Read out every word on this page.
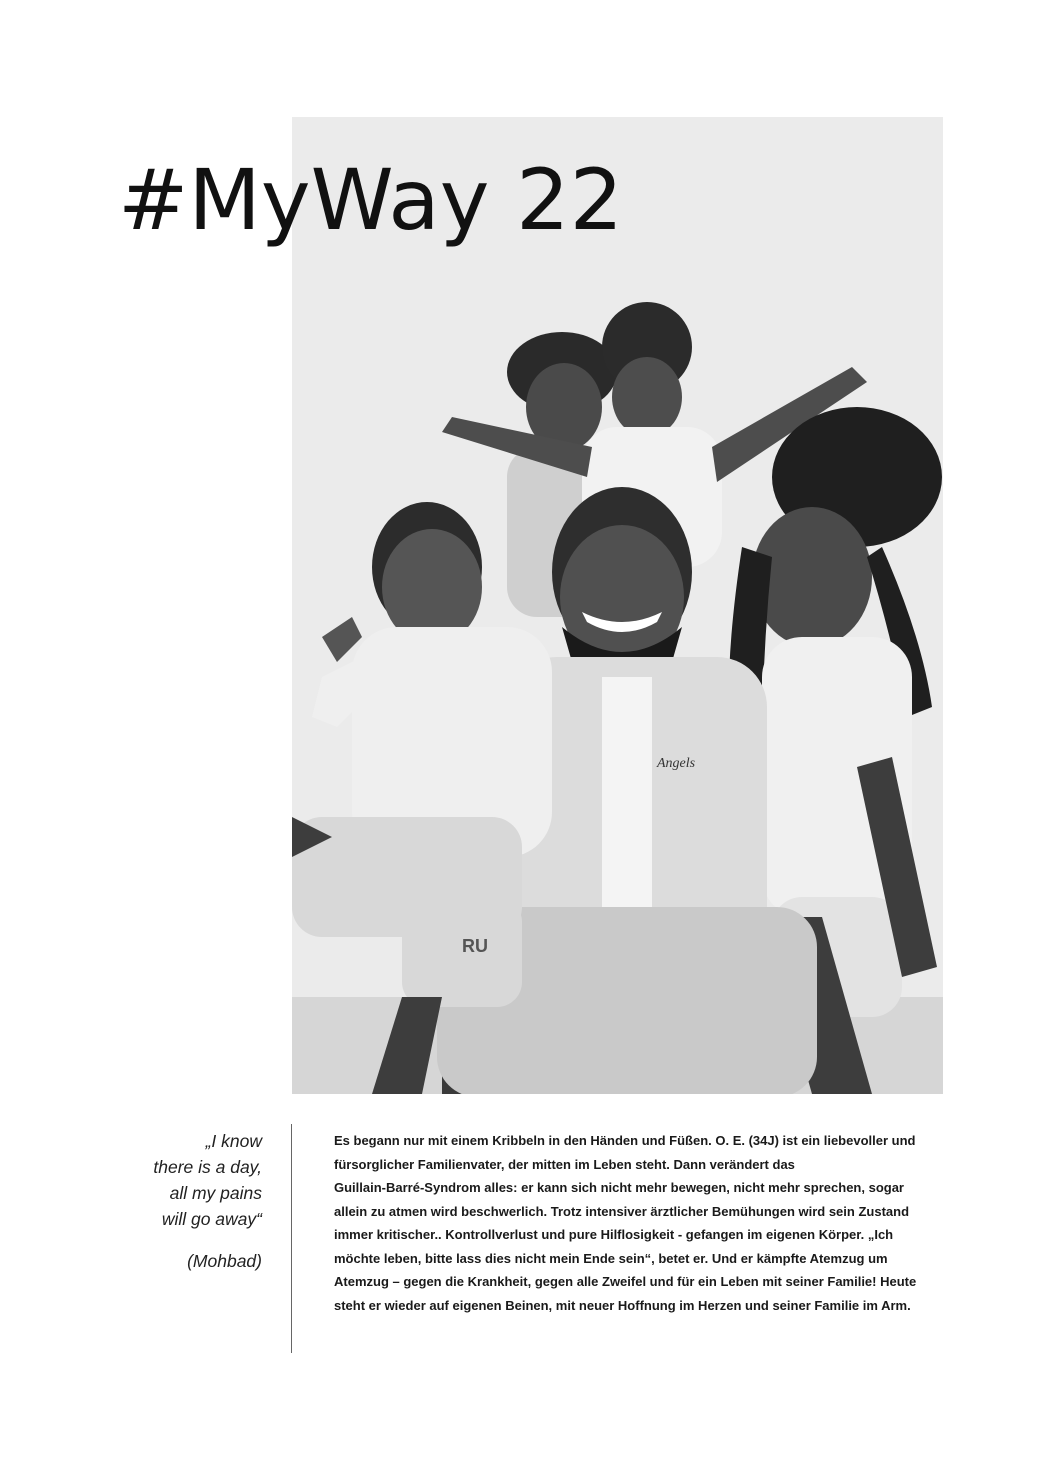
Angels
RU
#MyWay 22
„I know
there is a day,
all my pains
will go away“
(Mohbad)
Es begann nur mit einem Kribbeln in den Händen und Füßen. O. E. (34J) ist ein liebevoller und
fürsorglicher Familienvater, der mitten im Leben steht. Dann verändert das
Guillain-Barré-Syndrom alles: er kann sich nicht mehr bewegen, nicht mehr sprechen, sogar
allein zu atmen wird beschwerlich. Trotz intensiver ärztlicher Bemühungen wird sein Zustand
immer kritischer.. Kontrollverlust und pure Hilflosigkeit - gefangen im eigenen Körper. „Ich
möchte leben, bitte lass dies nicht mein Ende sein“, betet er. Und er kämpfte Atemzug um
Atemzug – gegen die Krankheit, gegen alle Zweifel und für ein Leben mit seiner Familie! Heute
steht er wieder auf eigenen Beinen, mit neuer Hoffnung im Herzen und seiner Familie im Arm.
